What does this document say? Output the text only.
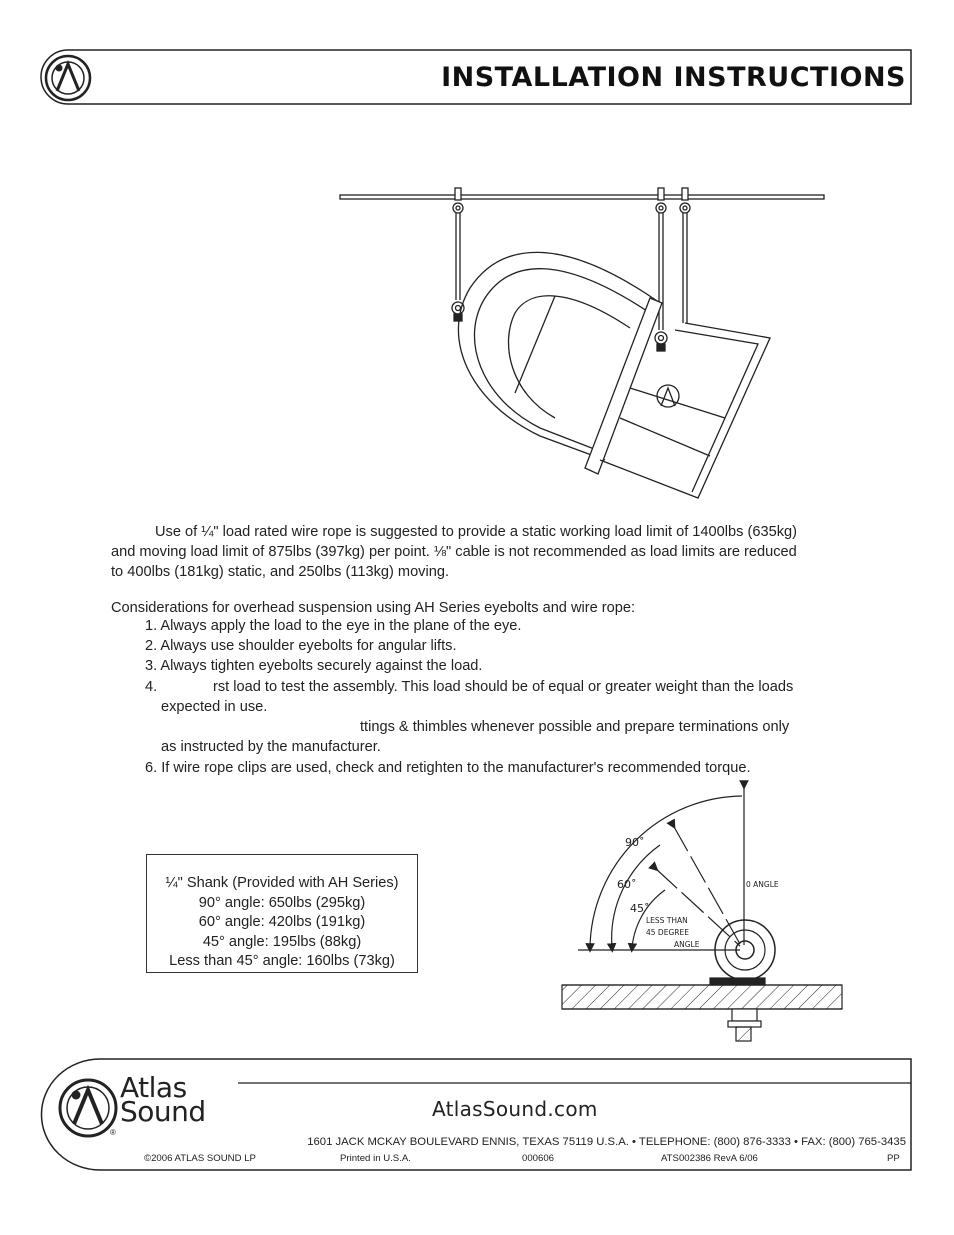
INSTALLATION INSTRUCTIONS
Use of ¼" load rated wire rope is suggested to provide a static working load limit of 1400lbs (635kg)
and moving load limit of 875lbs (397kg) per point. ⅛" cable is not recommended as load limits are reduced
to 400lbs (181kg) static, and 250lbs (113kg) moving.
Considerations for overhead suspension using AH Series eyebolts and wire rope:
1. Always apply the load to the eye in the plane of the eye.
2. Always use shoulder eyebolts for angular lifts.
3. Always tighten eyebolts securely against the load.
4.	rst load to test the assembly. This load should be of equal or greater weight than the loads
expected in use.
ttings & thimbles whenever possible and prepare terminations only
as instructed by the manufacturer.
6. If wire rope clips are used, check and retighten to the manufacturer's recommended torque.
¼" Shank (Provided with AH Series)
90° angle: 650lbs (295kg)
60° angle: 420lbs (191kg)
45° angle: 195lbs (88kg)
Less than 45° angle: 160lbs (73kg)
90˚
60˚
45˚
0 ANGLE
LESS THAN
45 DEGREE
ANGLE
Atlas
Sound
®
AtlasSound.com
1601 JACK MCKAY BOULEVARD ENNIS, TEXAS 75119 U.S.A. • TELEPHONE: (800) 876-3333 • FAX: (800) 765-3435
©2006 ATLAS SOUND LP	Printed in U.S.A.	000606	ATS002386 RevA 6/06	PP
